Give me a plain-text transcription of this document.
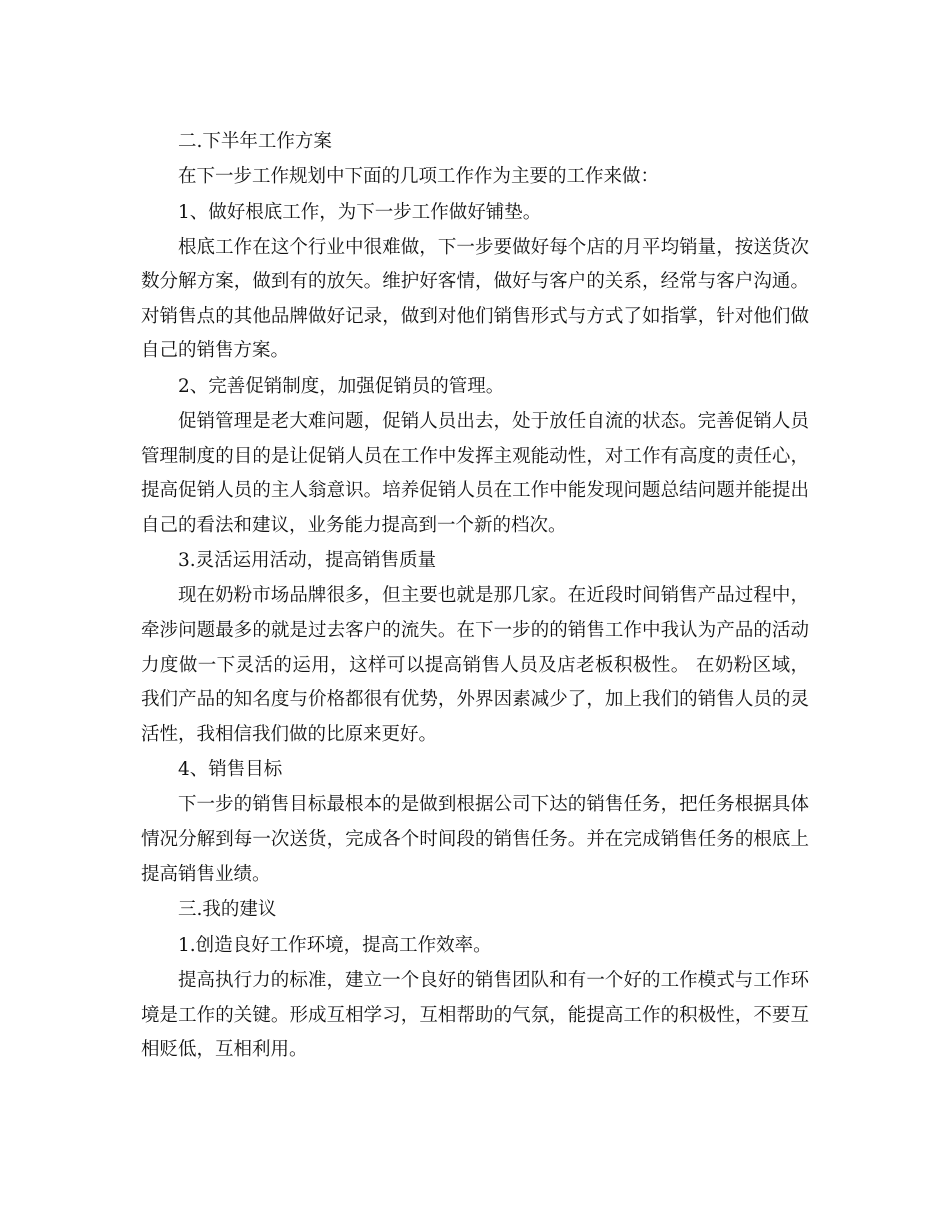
二.下半年工作方案

在下一步工作规划中下面的几项工作作为主要的工作来做：

1、做好根底工作，为下一步工作做好铺垫。

根底工作在这个行业中很难做，下一步要做好每个店的月平均销量，按送货次数分解方案，做到有的放矢。维护好客情，做好与客户的关系，经常与客户沟通。对销售点的其他品牌做好记录，做到对他们销售形式与方式了如指掌，针对他们做自己的销售方案。

2、完善促销制度，加强促销员的管理。

促销管理是老大难问题，促销人员出去，处于放任自流的状态。完善促销人员管理制度的目的是让促销人员在工作中发挥主观能动性，对工作有高度的责任心，提高促销人员的主人翁意识。培养促销人员在工作中能发现问题总结问题并能提出自己的看法和建议，业务能力提高到一个新的档次。

3.灵活运用活动，提高销售质量

现在奶粉市场品牌很多，但主要也就是那几家。在近段时间销售产品过程中，牵涉问题最多的就是过去客户的流失。在下一步的的销售工作中我认为产品的活动力度做一下灵活的运用，这样可以提高销售人员及店老板积极性。 在奶粉区域，我们产品的知名度与价格都很有优势，外界因素减少了，加上我们的销售人员的灵活性，我相信我们做的比原来更好。

4、销售目标

下一步的销售目标最根本的是做到根据公司下达的销售任务，把任务根据具体情况分解到每一次送货，完成各个时间段的销售任务。并在完成销售任务的根底上提高销售业绩。

三.我的建议

1.创造良好工作环境，提高工作效率。

提高执行力的标准，建立一个良好的销售团队和有一个好的工作模式与工作环境是工作的关键。形成互相学习，互相帮助的气氛，能提高工作的积极性，不要互相贬低，互相利用。
